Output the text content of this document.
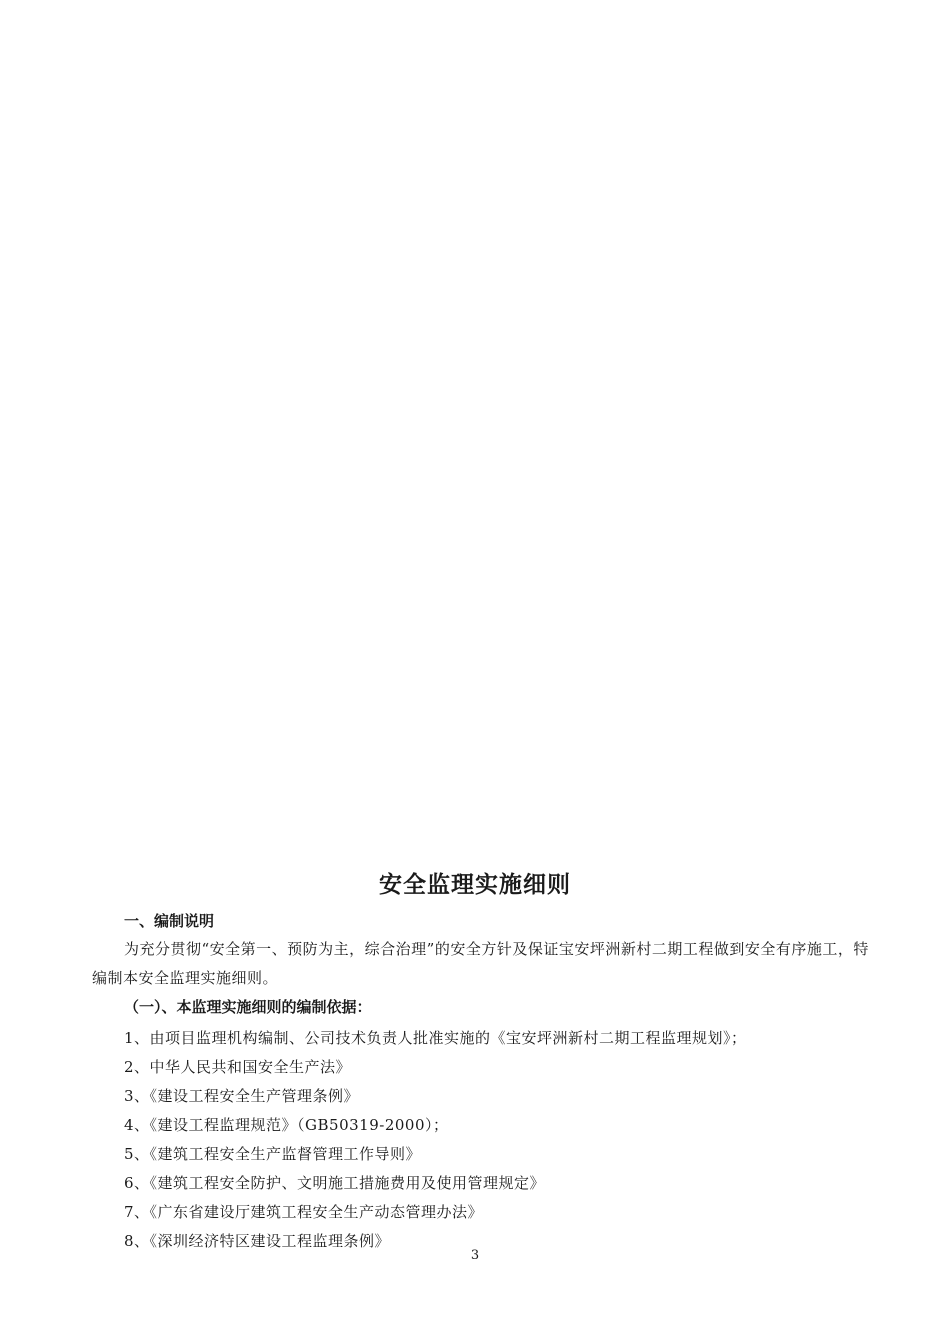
安全监理实施细则

一、编制说明

为充分贯彻“安全第一、预防为主，综合治理”的安全方针及保证宝安坪洲新村二期工程做到安全有序施工，特编制本安全监理实施细则。

（一）、本监理实施细则的编制依据：

1、由项目监理机构编制、公司技术负责人批准实施的《宝安坪洲新村二期工程监理规划》；
2、中华人民共和国安全生产法》
3、《建设工程安全生产管理条例》
4、《建设工程监理规范》（GB50319-2000）；
5、《建筑工程安全生产监督管理工作导则》
6、《建筑工程安全防护、文明施工措施费用及使用管理规定》
7、《广东省建设厅建筑工程安全生产动态管理办法》
8、《深圳经济特区建设工程监理条例》
3
